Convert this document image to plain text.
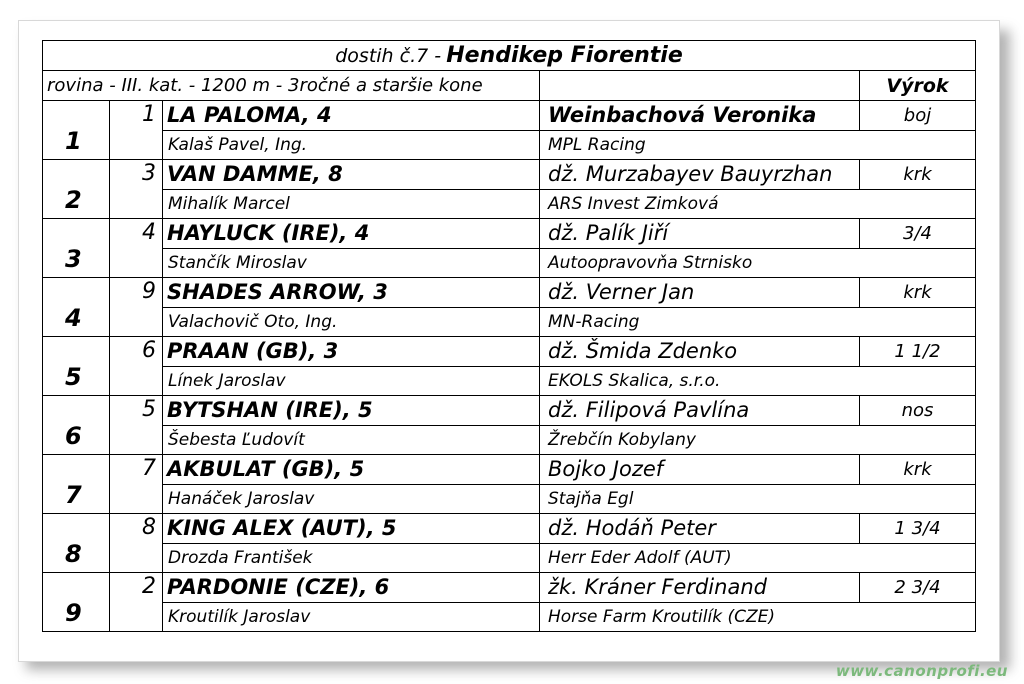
dostih č.7 - Hendikep Fiorentie
rovina - III. kat. - 1200 m - 3ročné a staršie kone	Výrok
1
1 LA PALOMA, 4	Weinbachová Veronika	boj
Kalaš Pavel, Ing.	MPL Racing
2
3 VAN DAMME, 8	dž. Murzabayev Bauyrzhan	krk
Mihalík Marcel	ARS Invest Zimková
3
4 HAYLUCK (IRE), 4	dž. Palík Jiří	3/4
Stančík Miroslav	Autoopravovňa Strnisko
4
9 SHADES ARROW, 3	dž. Verner Jan	krk
Valachovič Oto, Ing.	MN-Racing
5
6 PRAAN (GB), 3	dž. Šmida Zdenko	1 1/2
Línek Jaroslav	EKOLS Skalica, s.r.o.
6
5 BYTSHAN (IRE), 5	dž. Filipová Pavlína	nos
Šebesta Ľudovít	Žrebčín Kobylany
7
7 AKBULAT (GB), 5	Bojko Jozef	krk
Hanáček Jaroslav	Stajňa Egl
8
8 KING ALEX (AUT), 5	dž. Hodáň Peter	1 3/4
Drozda František	Herr Eder Adolf (AUT)
9
2 PARDONIE (CZE), 6	žk. Kráner Ferdinand	2 3/4
Kroutilík Jaroslav	Horse Farm Kroutilík (CZE)
www.canonprofi.eu
